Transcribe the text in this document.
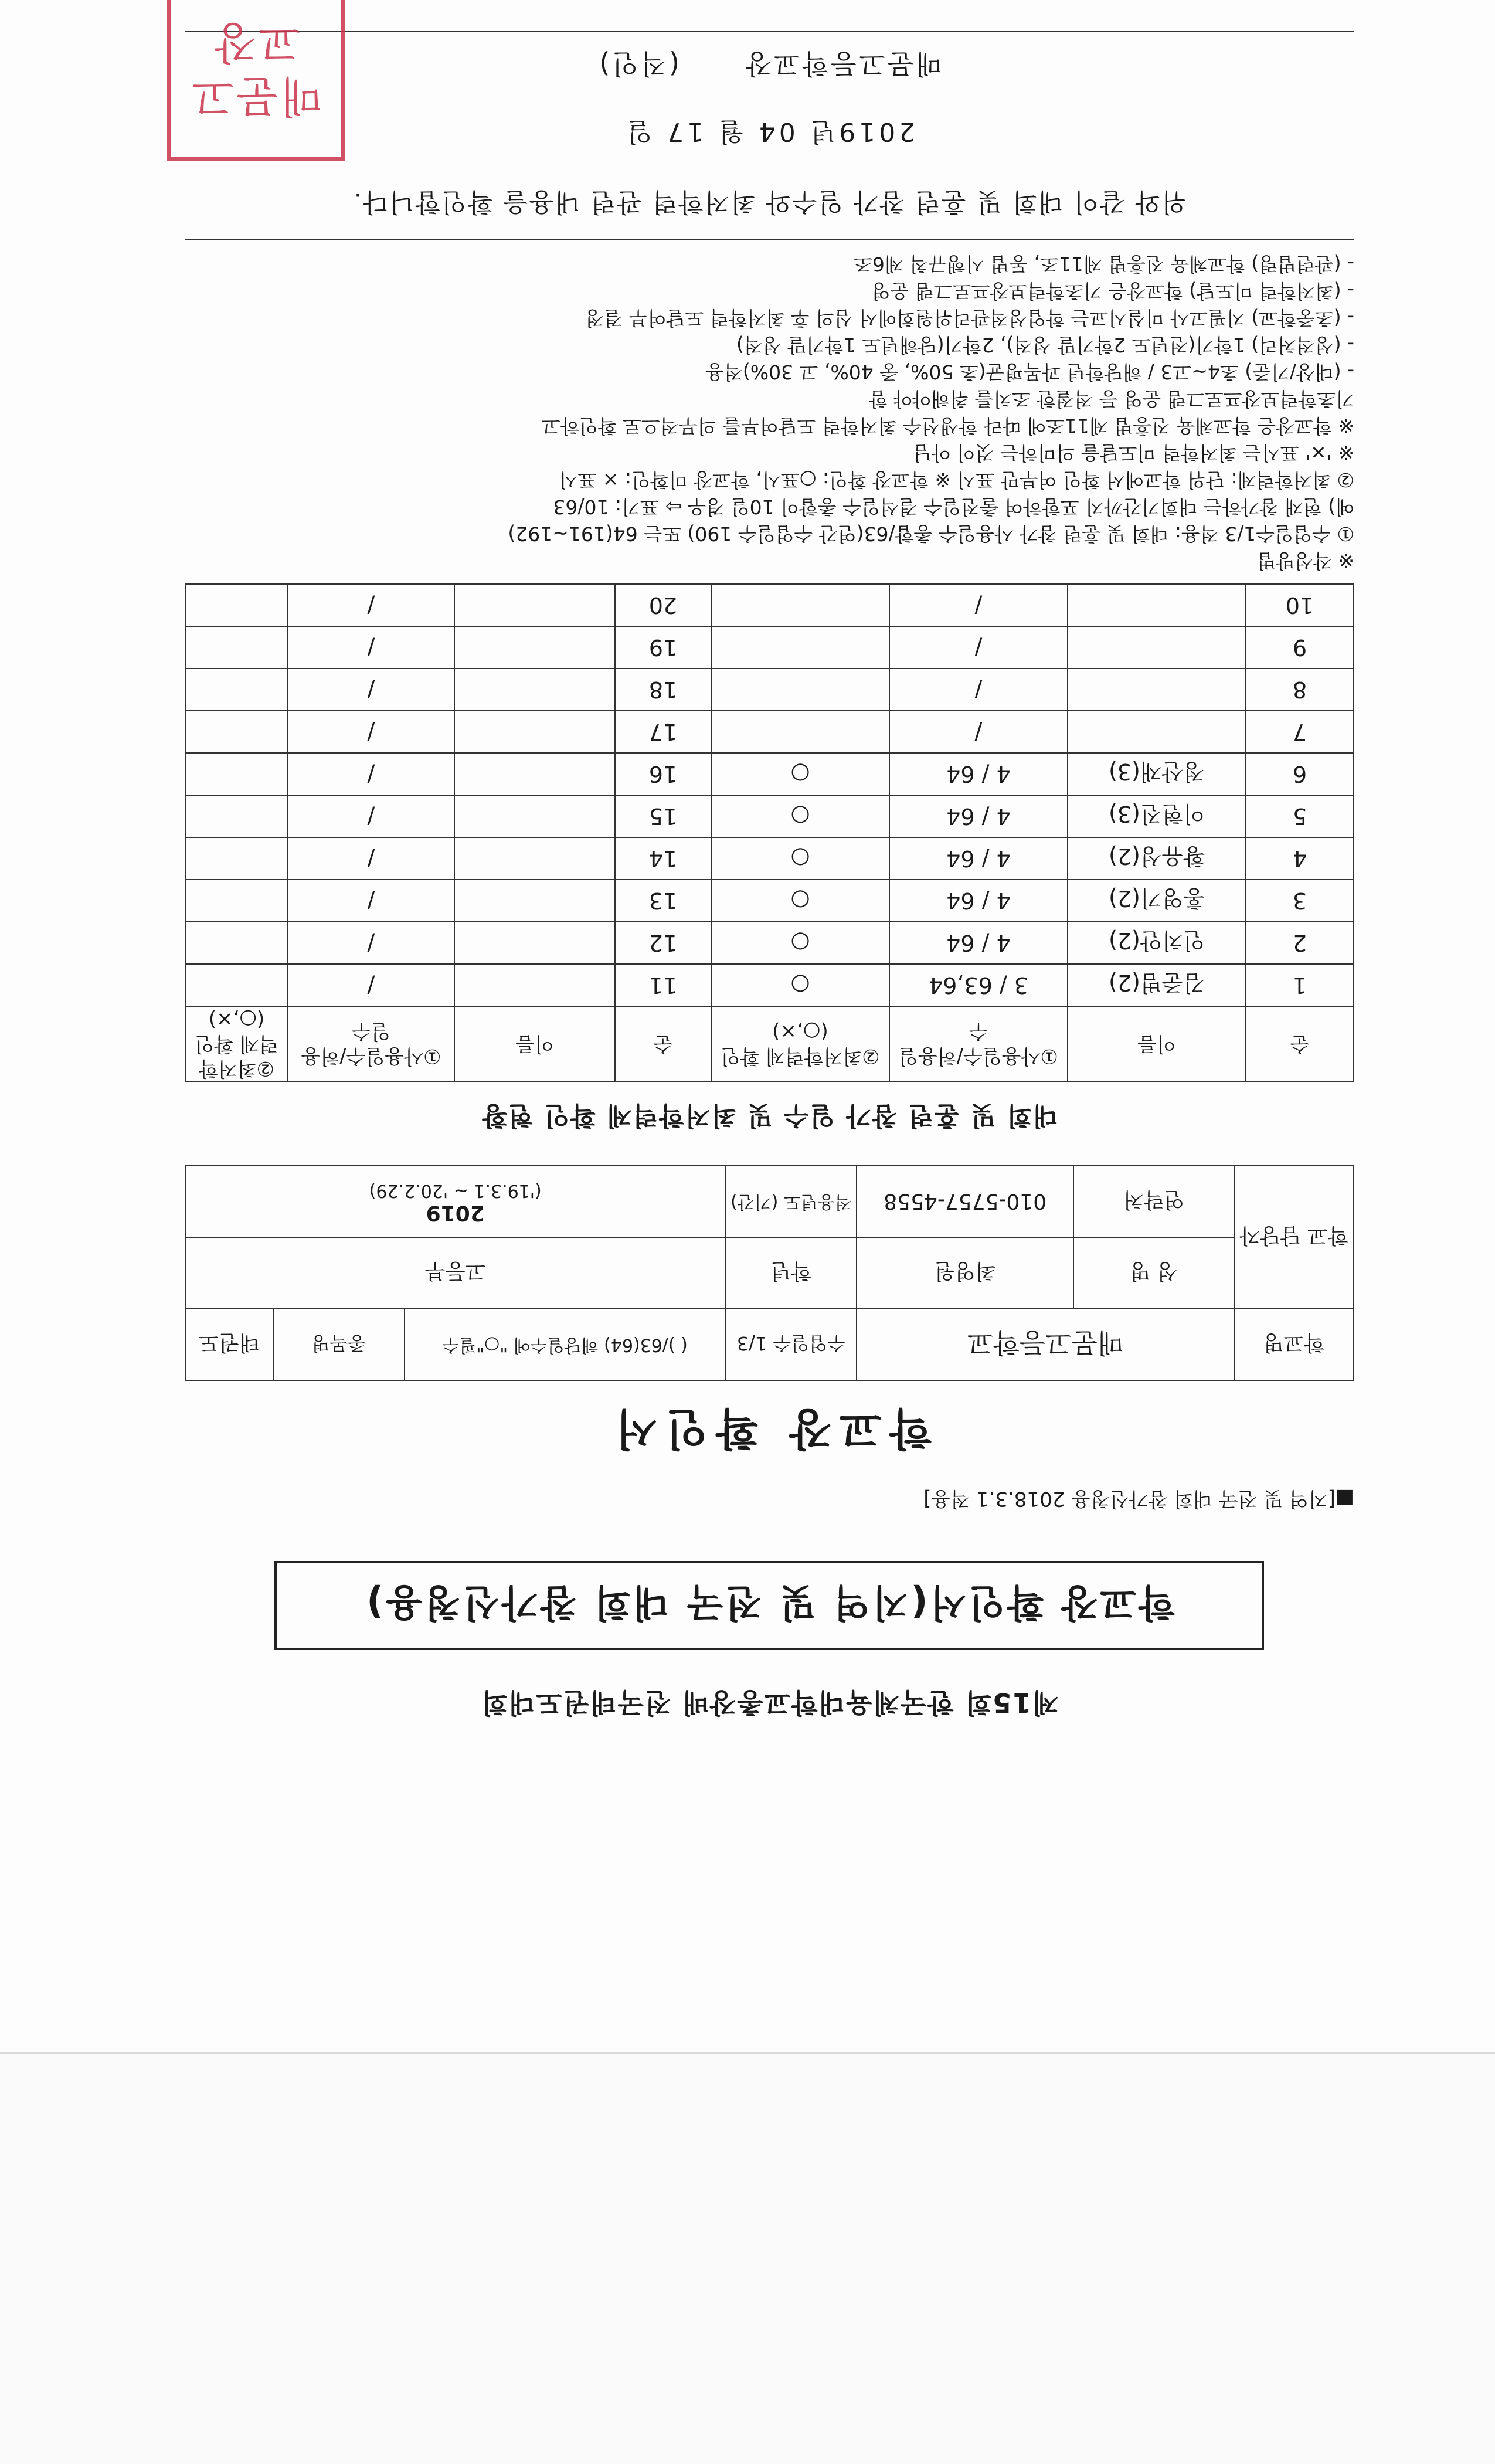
제15회 한국체육대학교총장배 전국태권도대회
학교장 확인서(지역 및 전국 대회 참가신청용)
■[지역 및 전국 대회 참가신청용 2018.3.1 적용]
학교장 확인서
학교명	매문고등학교		수업일수 1/3	( )/63(64) 해당일수에 "○"필수	종목명	태권도
학교 담당자	성 명	최영원	학년	고등부		
	연락처	010-5757-4558	적용년도 (기간)	2019
('19.3.1 ~ '20.2.29)		
대회 및 훈련 참가 일수 및 최저학력제 확인 현황
순	이름	①사용일수/허용일수	②최저학력제 확인(○,×)	순	이름	①사용일수/허용일수	②최저학력제 확인(○,×)
1	김준범(2)	3 / 63,64	○	11		/	
2	인치안(2)	4 / 64	○	12		/	
3	홍영기(2)	4 / 64	○	13		/	
4	황유성(2)	4 / 64	○	14		/	
5	이현진(3)	4 / 64	○	15		/	
6	정산재(3)	4 / 64	○	16		/	
7		/		17		/	
8		/		18		/	
9		/		19		/	
10		/		20		/	

※ 작성방법

① 수업일수1/3 적용: 대회 및 훈련 참가 사용일수 총합/63(연간 수업일수 190) 또는 64(191~192)

예) 현재 참가하는 대회기간까지 포함하여 출전일수 결석일수 총합이 10일 경우 ⇨ 표기: 10/63

② 최저학력제: 단위 학교에서 확인 여부만 표시 ※ 학교장 확인: ○표시, 학교장 미확인: × 표시

※ '×' 표시는 최저학력 미도달을 의미하는 것이 아님

※ 학교장은 학교체육 진흥법 제11조에 따라 학생선수 최저학력 도달여부를 의무적으로 확인하고

기초학력보장프로그램 운영 등 적절한 조치를 취해야야 함

- (대상/기준) 초4~고3 / 해당학년 과목평균(초 50%, 중 40%, 고 30%)적용

- (성적처리) 1학기(전년도 2학기말 성적), 2학기(당해년도 1학기말 성적)

- (초중학교) 지필고사 미실시교는 학업성적관리위원회에서 심의 후 최저학력 도달여부 결정

- (최저학력 미도달) 학교장은 기초학력보장프로그램 운영

- (관련법령) 학교체육 진흥법 제11조, 동법 시행규칙 제6조

위와 같이 대회 및 훈련 참가 일수와 최저학력 관련 내용을 확인합니다.
2019년 04 월 17 일
매문고등학교장 (직인)
매문고교장
